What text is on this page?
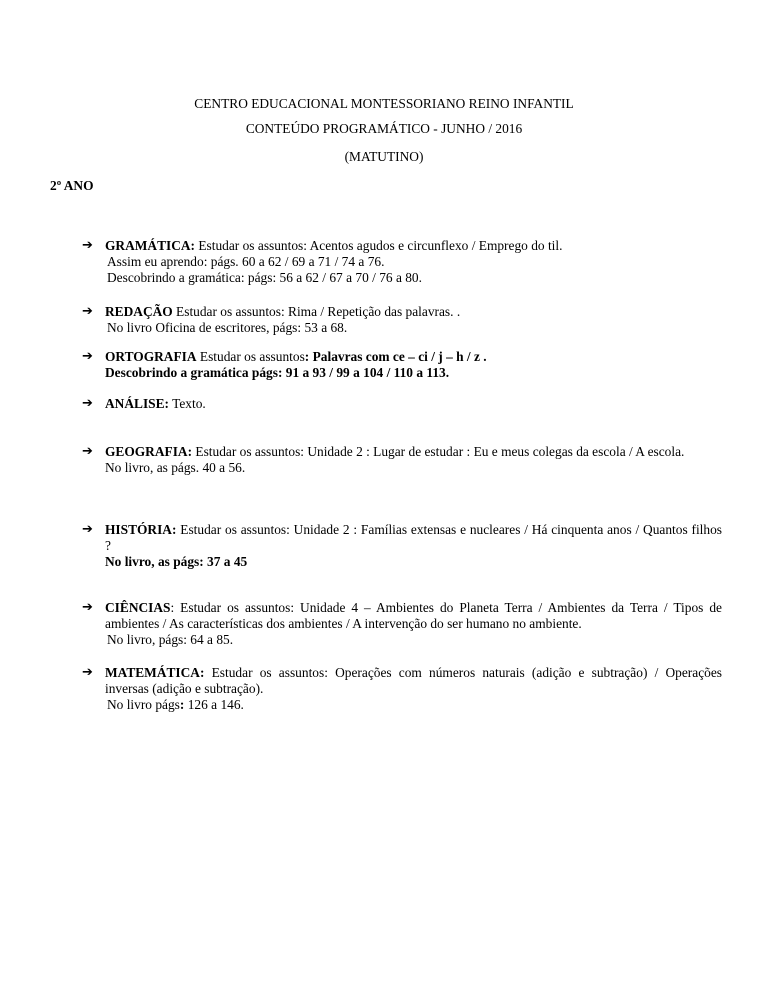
CENTRO EDUCACIONAL MONTESSORIANO REINO INFANTIL
CONTEÚDO PROGRAMÁTICO - JUNHO / 2016
(MATUTINO)
2º ANO
➔ GRAMÁTICA: Estudar os assuntos: Acentos agudos e circunflexo / Emprego do til.
Assim eu aprendo: págs. 60 a 62 / 69 a 71 / 74 a 76.
Descobrindo a gramática: págs: 56 a 62 / 67 a 70 / 76 a 80.
➔ REDAÇÃO Estudar os assuntos: Rima / Repetição das palavras. .
No livro Oficina de escritores, págs: 53 a 68.
➔ ORTOGRAFIA Estudar os assuntos: Palavras com ce – ci / j – h / z .
Descobrindo a gramática págs: 91 a 93 / 99 a 104 / 110 a 113.
➔ ANÁLISE: Texto.
➔ GEOGRAFIA: Estudar os assuntos: Unidade 2 : Lugar de estudar : Eu e meus colegas da escola / A escola.
No livro, as págs. 40 a 56.
➔ HISTÓRIA: Estudar os assuntos: Unidade 2 : Famílias extensas e nucleares / Há cinquenta anos / Quantos filhos ?
No livro, as págs: 37 a 45
➔ CIÊNCIAS: Estudar os assuntos: Unidade 4 – Ambientes do Planeta Terra / Ambientes da Terra / Tipos de ambientes / As características dos ambientes / A intervenção do ser humano no ambiente.
No livro, págs: 64 a 85.
➔ MATEMÁTICA: Estudar os assuntos: Operações com números naturais (adição e subtração) / Operações inversas (adição e subtração).
No livro págs: 126 a 146.
